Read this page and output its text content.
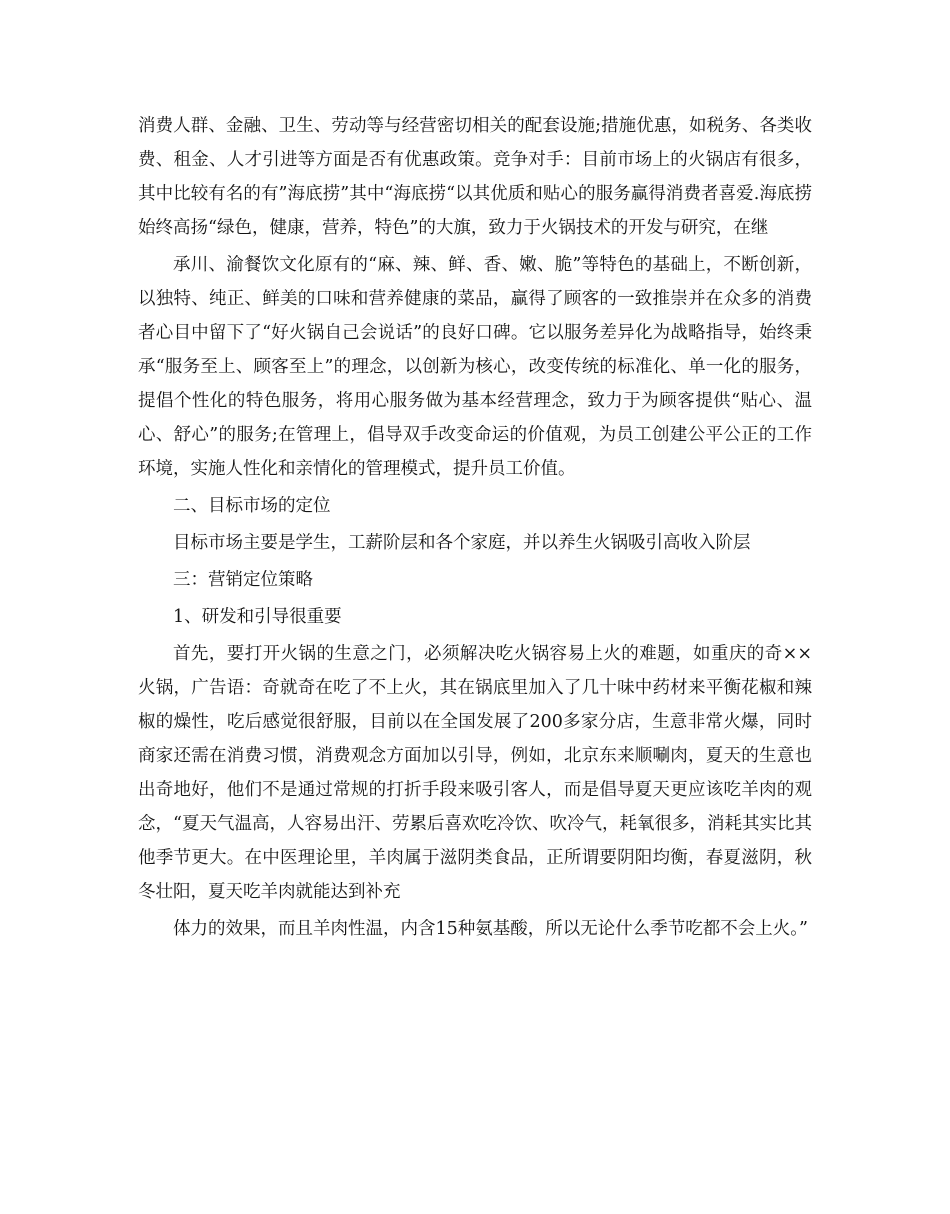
消费人群、金融、卫生、劳动等与经营密切相关的配套设施;措施优惠，如税务、各类收费、租金、人才引进等方面是否有优惠政策。竞争对手：目前市场上的火锅店有很多，其中比较有名的有”海底捞”其中“海底捞“以其优质和贴心的服务赢得消费者喜爱.海底捞始终高扬“绿色，健康，营养，特色”的大旗，致力于火锅技术的开发与研究，在继

承川、渝餐饮文化原有的“麻、辣、鲜、香、嫩、脆”等特色的基础上，不断创新，以独特、纯正、鲜美的口味和营养健康的菜品，赢得了顾客的一致推崇并在众多的消费者心目中留下了“好火锅自己会说话”的良好口碑。它以服务差异化为战略指导，始终秉承“服务至上、顾客至上”的理念，以创新为核心，改变传统的标准化、单一化的服务，提倡个性化的特色服务，将用心服务做为基本经营理念，致力于为顾客提供“贴心、温心、舒心”的服务;在管理上，倡导双手改变命运的价值观，为员工创建公平公正的工作环境，实施人性化和亲情化的管理模式，提升员工价值。

二、目标市场的定位

目标市场主要是学生，工薪阶层和各个家庭，并以养生火锅吸引高收入阶层

三：营销定位策略

1、研发和引导很重要

首先，要打开火锅的生意之门，必须解决吃火锅容易上火的难题，如重庆的奇××火锅，广告语：奇就奇在吃了不上火，其在锅底里加入了几十味中药材来平衡花椒和辣椒的燥性，吃后感觉很舒服，目前以在全国发展了200多家分店，生意非常火爆，同时商家还需在消费习惯，消费观念方面加以引导，例如，北京东来顺唰肉，夏天的生意也出奇地好，他们不是通过常规的打折手段来吸引客人，而是倡导夏天更应该吃羊肉的观念，“夏天气温高，人容易出汗、劳累后喜欢吃冷饮、吹冷气，耗氧很多，消耗其实比其他季节更大。在中医理论里，羊肉属于滋阴类食品，正所谓要阴阳均衡，春夏滋阴，秋冬壮阳，夏天吃羊肉就能达到补充

体力的效果，而且羊肉性温，内含15种氨基酸，所以无论什么季节吃都不会上火。”
